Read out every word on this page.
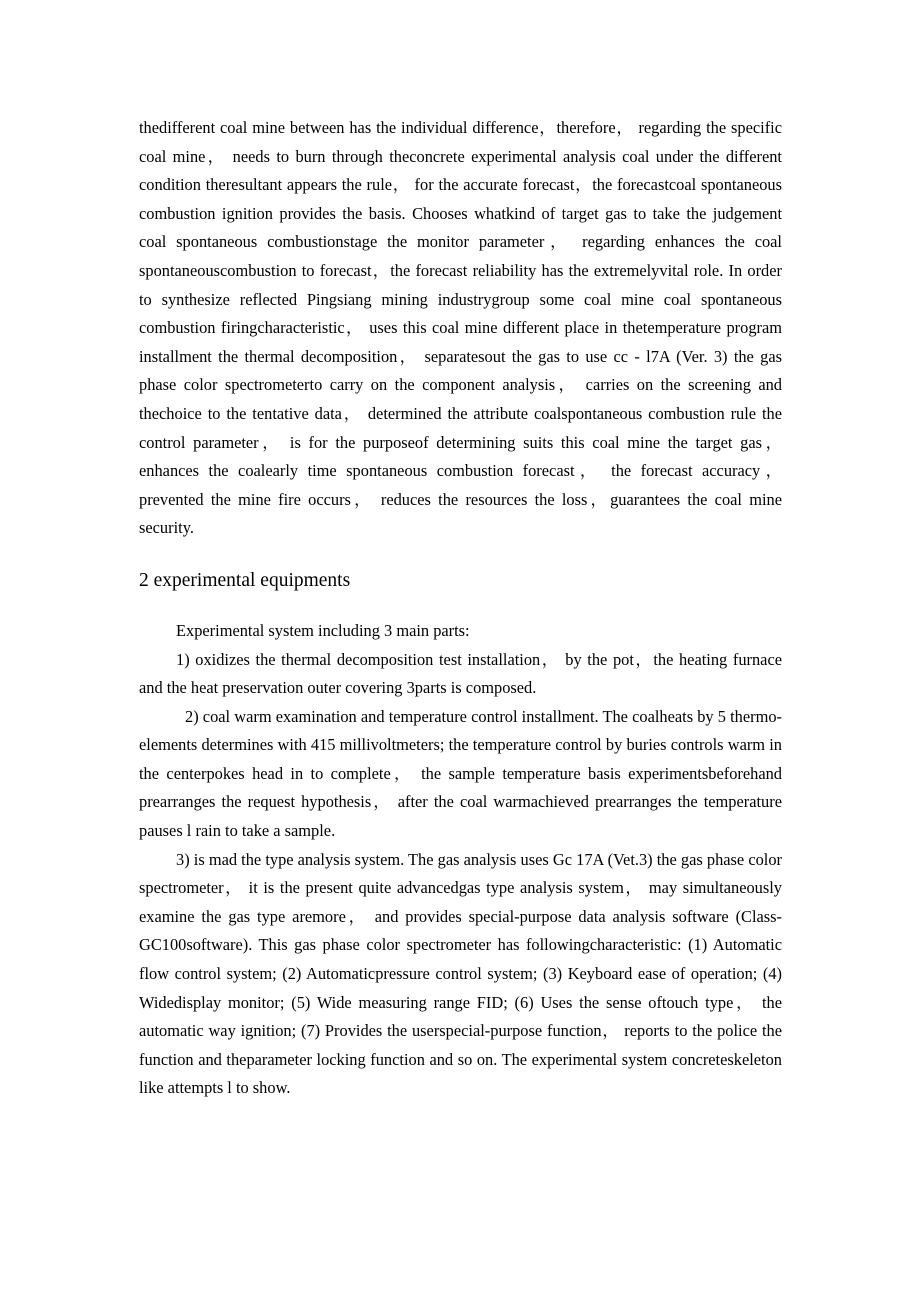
thedifferent coal mine between has the individual difference，therefore， regarding the specific coal mine， needs to burn through theconcrete experimental analysis coal under the different condition theresultant appears the rule， for the accurate forecast，the forecastcoal spontaneous combustion ignition provides the basis. Chooses whatkind of target gas to take the judgement coal spontaneous combustionstage the monitor parameter， regarding enhances the coal spontaneouscombustion to forecast，the forecast reliability has the extremelyvital role. In order to synthesize reflected Pingsiang mining industrygroup some coal mine coal spontaneous combustion firingcharacteristic， uses this coal mine different place in thetemperature program installment the thermal decomposition， separatesout the gas to use cc - l7A (Ver. 3) the gas phase color spectrometerto carry on the component analysis， carries on the screening and thechoice to the tentative data， determined the attribute coalspontaneous combustion rule the control parameter， is for the purposeof determining suits this coal mine the target gas， enhances the coalearly time spontaneous combustion forecast， the forecast accuracy，prevented the mine fire occurs， reduces the resources the loss，guarantees the coal mine security.

2 experimental equipments

Experimental system including 3 main parts:

1) oxidizes the thermal decomposition test installation， by the pot，the heating furnace and the heat preservation outer covering 3parts is composed.

2) coal warm examination and temperature control installment. The coalheats by 5 thermo-elements determines with 415 millivoltmeters; the temperature control by buries controls warm in the centerpokes head in to complete， the sample temperature basis experimentsbeforehand prearranges the request hypothesis， after the coal warmachieved prearranges the temperature pauses l rain to take a sample.

3) is mad the type analysis system. The gas analysis uses Gc 17A (Vet.3) the gas phase color spectrometer， it is the present quite advancedgas type analysis system， may simultaneously examine the gas type aremore， and provides special-purpose data analysis software (Class-GC100software). This gas phase color spectrometer has followingcharacteristic: (1) Automatic flow control system; (2) Automaticpressure control system; (3) Keyboard ease of operation; (4) Widedisplay monitor; (5) Wide measuring range FID; (6) Uses the sense oftouch type， the automatic way ignition; (7) Provides the userspecial-purpose function， reports to the police the function and theparameter locking function and so on. The experimental system concreteskeleton like attempts l to show.
